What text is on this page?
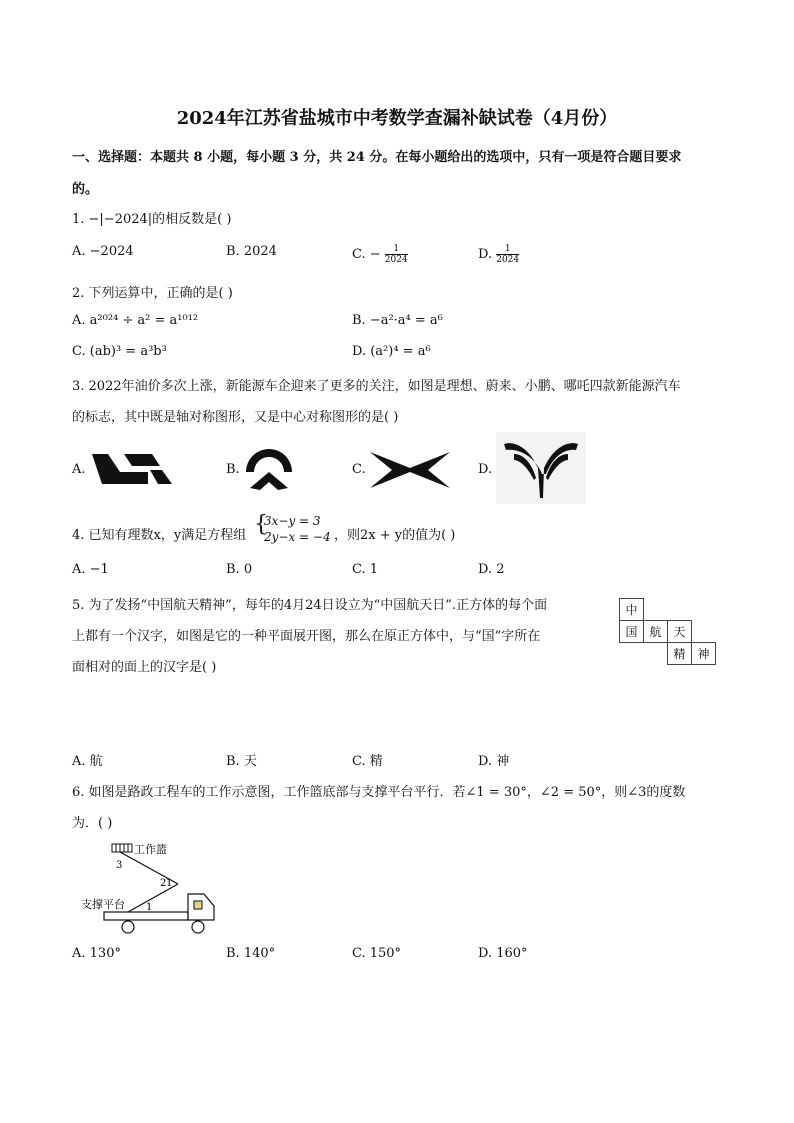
2024年江苏省盐城市中考数学查漏补缺试卷（4月份）
一、选择题：本题共 8 小题，每小题 3 分，共 24 分。在每小题给出的选项中，只有一项是符合题目要求
的。
1. −|−2024|的相反数是( )
A. −2024	B. 2024	C. − $\frac{1}{2024}$	D. $\frac{1}{2024}$
2. 下列运算中，正确的是( )
A. a²⁰²⁴ ÷ a² = a¹⁰¹²	B. −a²·a⁴ = a⁶
C. (ab)³ = a³b³	D. (a²)⁴ = a⁶
3. 2022年油价多次上涨，新能源车企迎来了更多的关注，如图是理想、蔚来、小鹏、哪吒四款新能源汽车
的标志，其中既是轴对称图形，又是中心对称图形的是( )
A.	B.	C.	D.
4. 已知有理数x，y满足方程组 {
3x−y = 3
2y−x = −4 ，则2x + y的值为( )
A. −1	B. 0	C. 1	D. 2
5. 为了发扬“中国航天精神”，每年的4月24日设立为“中国航天日”.正方体的每个面
上都有一个汉字，如图是它的一种平面展开图，那么在原正方体中，与“国”字所在
面相对的面上的汉字是( )
中			
国	航	天	
		精	神
A. 航	B. 天	C. 精	D. 神
6. 如图是路政工程车的工作示意图，工作篮底部与支撑平台平行．若∠1 = 30°，∠2 = 50°，则∠3的度数
为．( )
工作篮
支撑平台
3
2 1
1
A. 130°	B. 140°	C. 150°	D. 160°
